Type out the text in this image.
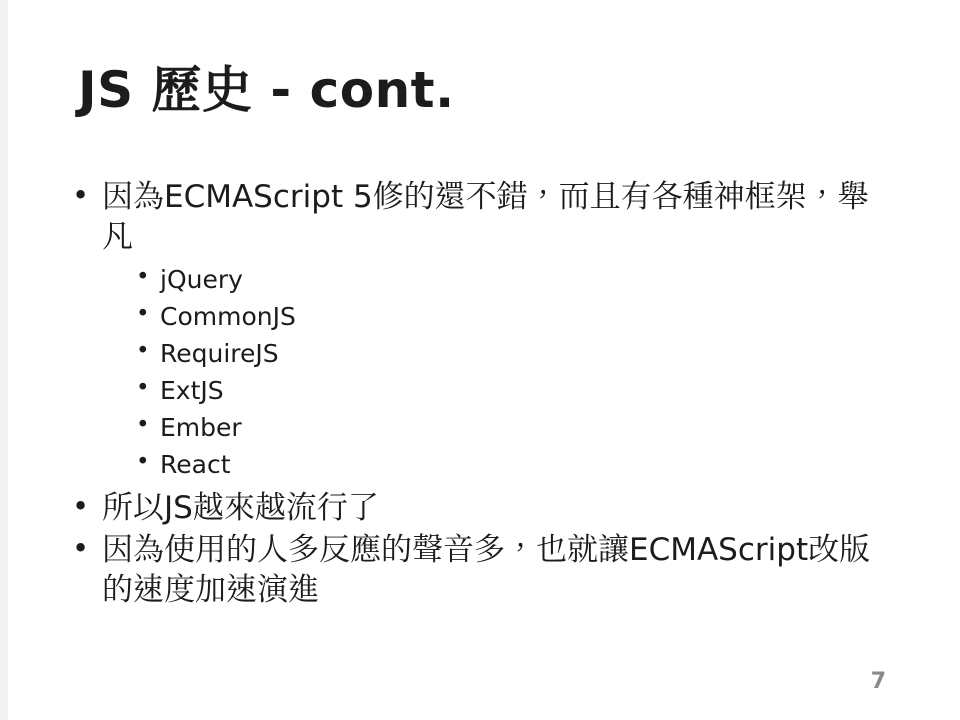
JS 歷史 - cont.
• 因為ECMAScript 5修的還不錯，而且有各種神框架，舉凡
• jQuery
• CommonJS
• RequireJS
• ExtJS
• Ember
• React
• 所以JS越來越流行了
• 因為使用的人多反應的聲音多，也就讓ECMAScript改版的速度加速演進
7
